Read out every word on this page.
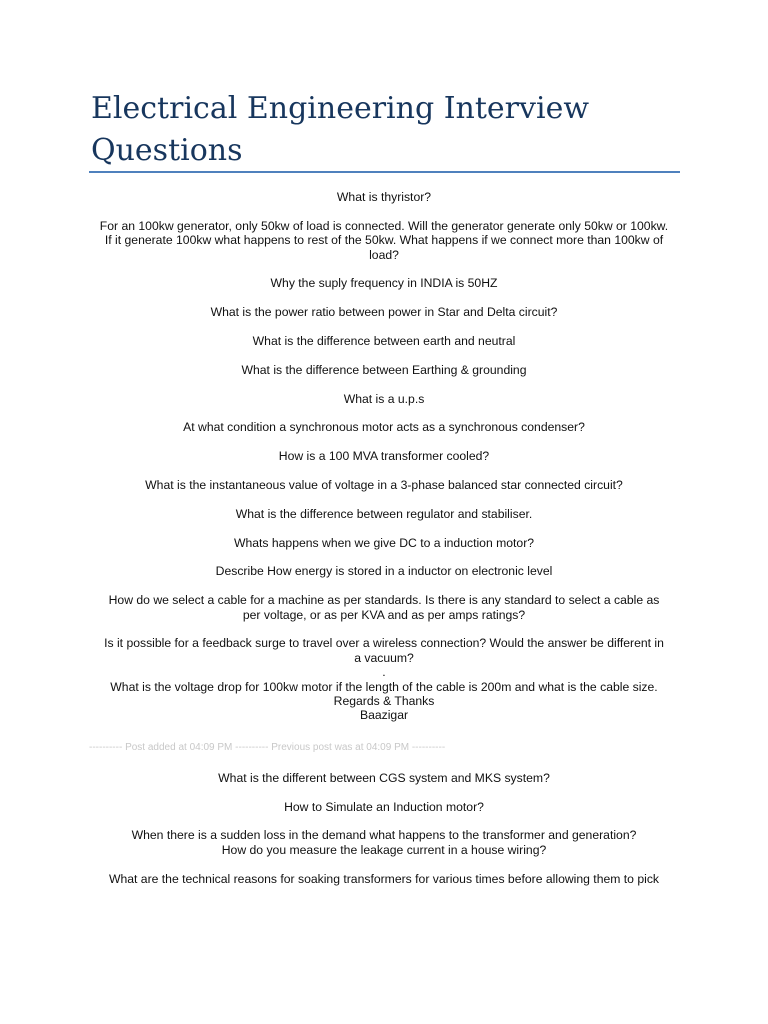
Electrical Engineering Interview Questions

What is thyristor?

For an 100kw generator, only 50kw of load is connected. Will the generator generate only 50kw or 100kw.
If it generate 100kw what happens to rest of the 50kw. What happens if we connect more than 100kw of
load?

Why the suply frequency in INDIA is 50HZ

What is the power ratio between power in Star and Delta circuit?

What is the difference between earth and neutral

What is the difference between Earthing & grounding

What is a u.p.s

At what condition a synchronous motor acts as a synchronous condenser?

How is a 100 MVA transformer cooled?

What is the instantaneous value of voltage in a 3-phase balanced star connected circuit?

What is the difference between regulator and stabiliser.

Whats happens when we give DC to a induction motor?

Describe How energy is stored in a inductor on electronic level

How do we select a cable for a machine as per standards. Is there is any standard to select a cable as
per voltage, or as per KVA and as per amps ratings?

Is it possible for a feedback surge to travel over a wireless connection? Would the answer be different in
a vacuum?

.

What is the voltage drop for 100kw motor if the length of the cable is 200m and what is the cable size.

Regards & Thanks

Baazigar

---------- Post added at 04:09 PM ---------- Previous post was at 04:09 PM ----------

What is the different between CGS system and MKS system?

How to Simulate an Induction motor?

When there is a sudden loss in the demand what happens to the transformer and generation?

How do you measure the leakage current in a house wiring?

What are the technical reasons for soaking transformers for various times before allowing them to pick
